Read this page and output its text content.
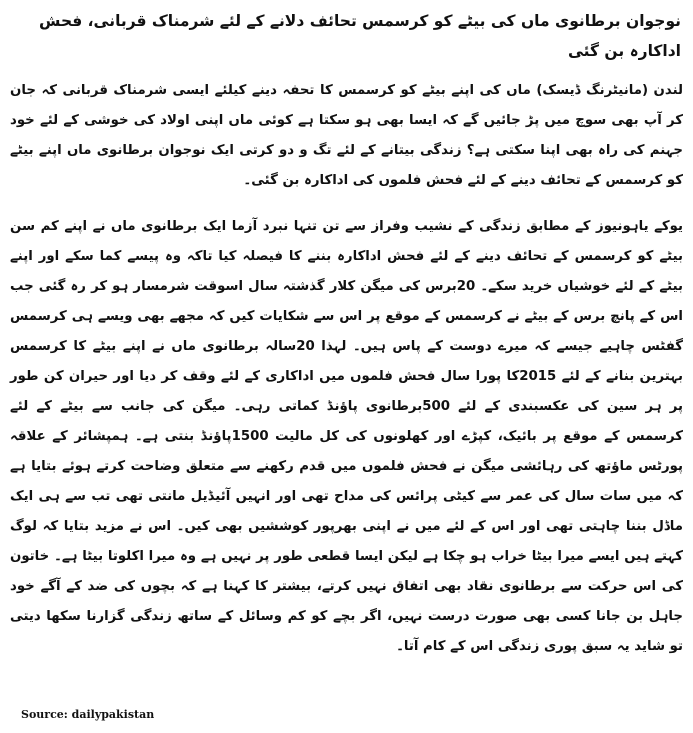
نوجوان برطانوی ماں کی بیٹے کو کرسمس تحائف دلانے کے لئے شرمناک قربانی، فحش اداکارہ بن گئی

لندن (مانیٹرنگ ڈیسک) ماں کی اپنے بیٹے کو کرسمس کا تحفہ دینے کیلئے ایسی شرمناک قربانی کہ جان کر آپ بھی سوچ میں پڑ جائیں گے کہ ایسا بھی ہو سکتا ہے کوئی ماں اپنی اولاد کی خوشی کے لئے خود جہنم کی راہ بھی اپنا سکتی ہے؟ زندگی بیتانے کے لئے تگ و دو کرتی ایک نوجوان برطانوی ماں اپنے بیٹے کو کرسمس کے تحائف دینے کے لئے فحش فلموں کی اداکارہ بن گئی۔

یوکے یاہونیوز کے مطابق زندگی کے نشیب وفراز سے تن تنہا نبرد آزما ایک برطانوی ماں نے اپنے کم سن بیٹے کو کرسمس کے تحائف دینے کے لئے فحش اداکارہ بننے کا فیصلہ کیا تاکہ وہ پیسے کما سکے اور اپنے بیٹے کے لئے خوشیاں خرید سکے۔ 20برس کی میگن کلار گذشتہ سال اسوقت شرمسار ہو کر رہ گئی جب اس کے پانچ برس کے بیٹے نے کرسمس کے موقع پر اس سے شکایات کیں کہ مجھے بھی ویسے ہی کرسمس گفٹس چاہیے جیسے کہ میرے دوست کے پاس ہیں۔ لہذا 20سالہ برطانوی ماں نے اپنے بیٹے کا کرسمس بہترین بنانے کے لئے 2015کا پورا سال فحش فلموں میں اداکاری کے لئے وقف کر دیا اور حیران کن طور پر ہر سین کی عکسبندی کے لئے 500برطانوی پاؤنڈ کماتی رہی۔ میگن کی جانب سے بیٹے کے لئے کرسمس کے موقع پر بائیک، کپڑے اور کھلونوں کی کل مالیت 1500پاؤنڈ بنتی ہے۔ ہمپشائر کے علاقہ پورٹس ماؤتھ کی رہائشی میگن نے فحش فلموں میں قدم رکھنے سے متعلق وضاحت کرتے ہوئے بتایا ہے کہ میں سات سال کی عمر سے کیٹی پرائس کی مداح تھی اور انہیں آئیڈیل مانتی تھی تب سے ہی ایک ماڈل بننا چاہتی تھی اور اس کے لئے میں نے اپنی بھرپور کوششیں بھی کیں۔ اس نے مزید بتایا کہ لوگ کہتے ہیں ایسے میرا بیٹا خراب ہو چکا ہے لیکن ایسا قطعی طور پر نہیں ہے وہ میرا اکلوتا بیٹا ہے۔ خاتون کی اس حرکت سے برطانوی نقاد بھی اتفاق نہیں کرتے، بیشتر کا کہنا ہے کہ بچوں کی ضد کے آگے خود جاہل بن جانا کسی بھی صورت درست نہیں، اگر بچے کو کم وسائل کے ساتھ زندگی گزارنا سکھا دیتی تو شاید یہ سبق پوری زندگی اس کے کام آتا۔

Source: dailypakistan
